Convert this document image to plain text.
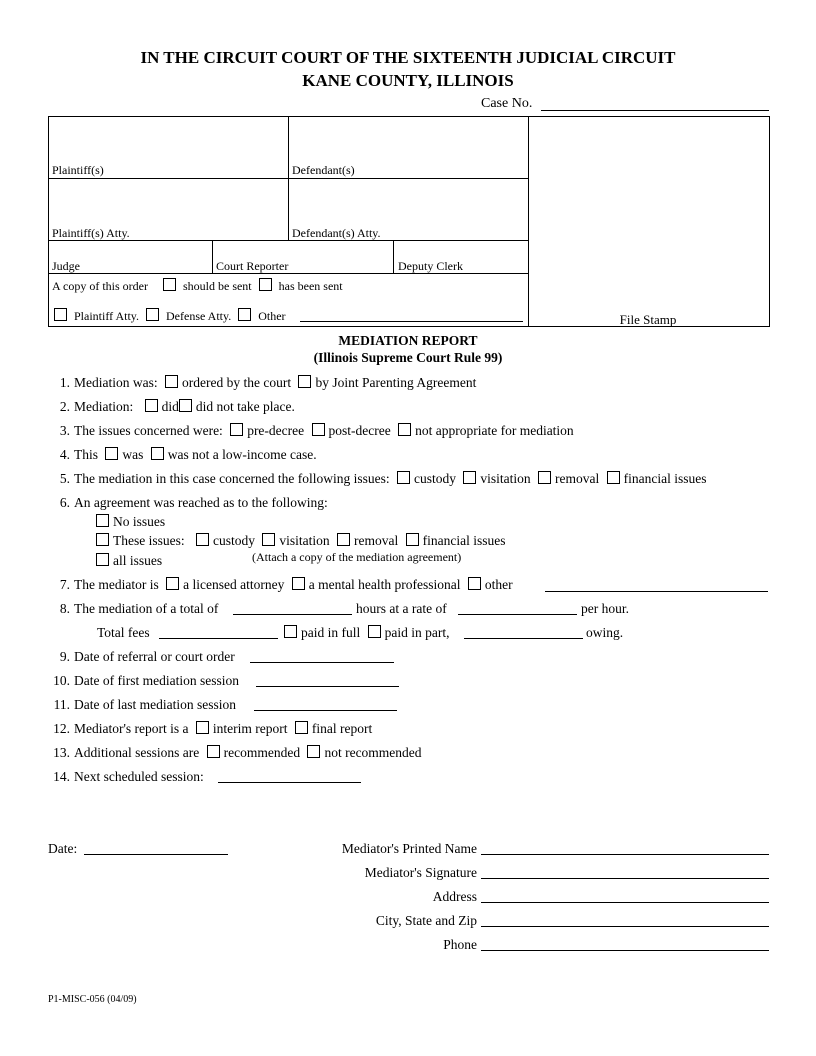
IN THE CIRCUIT COURT OF THE SIXTEENTH JUDICIAL CIRCUIT
KANE COUNTY, ILLINOIS
Case No.
Plaintiff(s)	Defendant(s)
Plaintiff(s) Atty.	Defendant(s) Atty.
Judge	Court Reporter	Deputy Clerk
A copy of this order	should be sent has been sent
Plaintiff Atty. Defense Atty. Other	File Stamp
MEDIATION REPORT
(Illinois Supreme Court Rule 99)
1. Mediation was: ordered by the court by Joint Parenting Agreement
2. Mediation: did did not take place.
3. The issues concerned were: pre-decree post-decree not appropriate for mediation
4. This was was not a low-income case.
5. The mediation in this case concerned the following issues: custody visitation removal financial issues
6. An agreement was reached as to the following:
No issues
These issues: custody visitation removal financial issues
all issues	(Attach a copy of the mediation agreement)
7. The mediator is a licensed attorney a mental health professional other
8. The mediation of a total of	hours at a rate of	per hour.
Total fees	paid in full paid in part,	owing.
9. Date of referral or court order
10. Date of first mediation session
11. Date of last mediation session
12. Mediator's report is a interim report final report
13. Additional sessions are recommended not recommended
14. Next scheduled session:
Date:	Mediator's Printed Name
Mediator's Signature
Address
City, State and Zip
Phone
P1-MISC-056 (04/09)
